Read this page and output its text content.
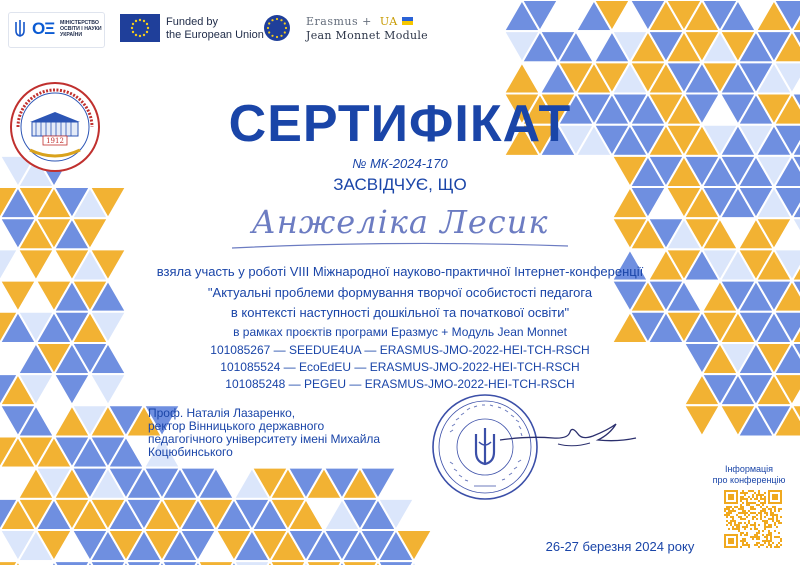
ОΞ МІНІСТЕРСТВО ОСВІТИ І НАУКИ УКРАЇНИ
Funded by
the European Union
Erasmus + UA
Jean Monnet Module
1912	СЕРТИФІКАТ
№ МК-2024-170
ЗАСВІДЧУЄ, ЩО
Анжеліка Лесик
взяла участь у роботі VIII Міжнародної науково-практичної Інтернет-конференції
"Актуальні проблеми формування творчої особистості педагога
в контексті наступності дошкільної та початкової освіти"
в рамках проєктів програми Еразмус + Модуль Jean Monnet
101085267 — SEEDUE4UA — ERASMUS-JMO-2022-HEI-TCH-RSCH
101085524 — EcoEdEU — ERASMUS-JMO-2022-HEI-TCH-RSCH
101085248 — PEGEU — ERASMUS-JMO-2022-HEI-TCH-RSCH
Проф. Наталія Лазаренко,
ректор Вінницького державного
педагогічного університету імені Михайла
Коцюбинського
Інформація
про конференцію
26-27 березня 2024 року
